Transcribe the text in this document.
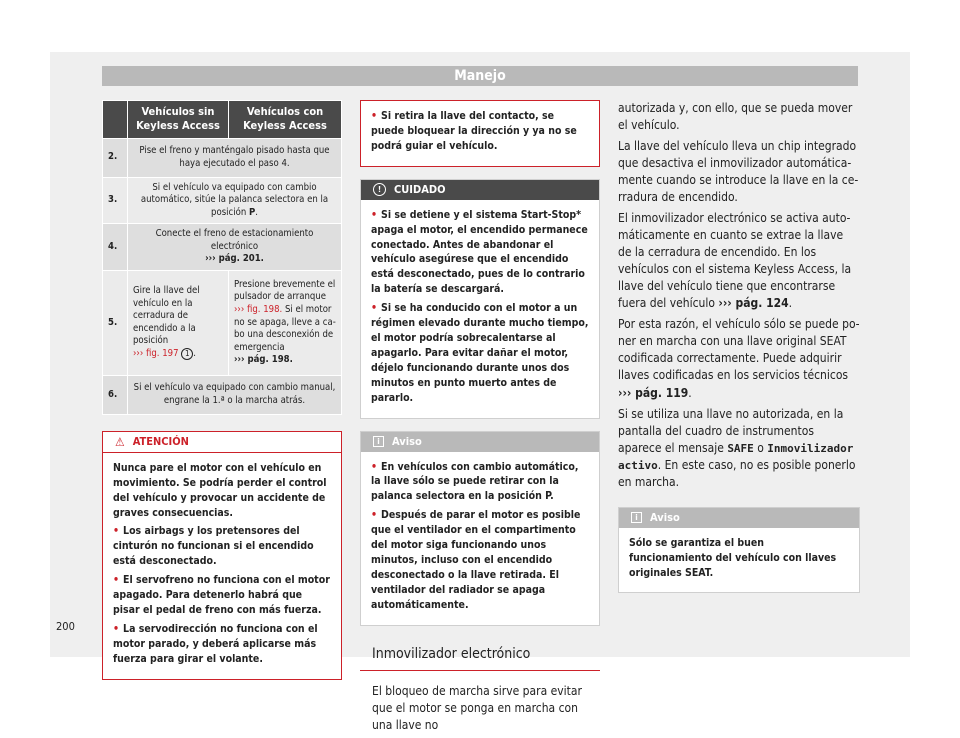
Manejo
	Vehículos sin Keyless Access	Vehículos con Keyless Access
2.	Pise el freno y manténgalo pisado hasta que haya ejecutado el paso 4.	
3.	Si el vehículo va equipado con cambio automático, sitúe la palanca selectora en la posición P.	
4.	Conecte el freno de estacionamiento electrónico
››› pág. 201.	
5.	Gire la llave del vehículo en la cerradura de encendido a la posición
››› fig. 197 1 .	Presione brevemente el pulsador de arranque
››› fig. 198. Si el motor no se apaga, lleve a cabo una desconexión de emergencia
››› pág. 198.
6.	Si el vehículo va equipado con cambio manual, engrane la 1.ª o la marcha atrás.	
⚠ ATENCIÓN

Nunca pare el motor con el vehículo en movimiento. Se podría perder el control del vehículo y provocar un accidente de graves consecuencias.

• Los airbags y los pretensores del cinturón no funcionan si el encendido está desconectado.

• El servofreno no funciona con el motor apagado. Para detenerlo habrá que pisar el pedal de freno con más fuerza.

• La servodirección no funciona con el motor parado, y deberá aplicarse más fuerza para girar el volante.

• Si retira la llave del contacto, se puede bloquear la dirección y ya no se podrá guiar el vehículo.

!	CUIDADO

• Si se detiene y el sistema Start-Stop* apaga el motor, el encendido permanece conectado. Antes de abandonar el vehículo asegúrese que el encendido está desconectado, pues de lo contrario la batería se descargará.

• Si se ha conducido con el motor a un régimen elevado durante mucho tiempo, el motor podría sobrecalentarse al apagarlo. Para evitar dañar el motor, déjelo funcionando durante unos dos minutos en punto muerto antes de pararlo.

i	Aviso

• En vehículos con cambio automático, la llave sólo se puede retirar con la palanca selectora en la posición P.

• Después de parar el motor es posible que el ventilador en el compartimento del motor siga funcionando unos minutos, incluso con el encendido desconectado o la llave retirada. El ventilador del radiador se apaga automáticamente.

Inmovilizador electrónico

El bloqueo de marcha sirve para evitar que el motor se ponga en marcha con una llave no

autorizada y, con ello, que se pueda mover el vehículo.

La llave del vehículo lleva un chip integrado que desactiva el inmovilizador automáticamente cuando se introduce la llave en la cerradura de encendido.

El inmovilizador electrónico se activa automáticamente en cuanto se extrae la llave de la cerradura de encendido. En los vehículos con el sistema Keyless Access, la llave del vehículo tiene que encontrarse fuera del vehículo ››› pág. 124.

Por esta razón, el vehículo sólo se puede poner en marcha con una llave original SEAT codificada correctamente. Puede adquirir llaves codificadas en los servicios técnicos ››› pág. 119.

Si se utiliza una llave no autorizada, en la pantalla del cuadro de instrumentos aparece el mensaje SAFE o Inmovilizador activo. En este caso, no es posible ponerlo en marcha.

i	Aviso

Sólo se garantiza el buen funcionamiento del vehículo con llaves originales SEAT.

200
